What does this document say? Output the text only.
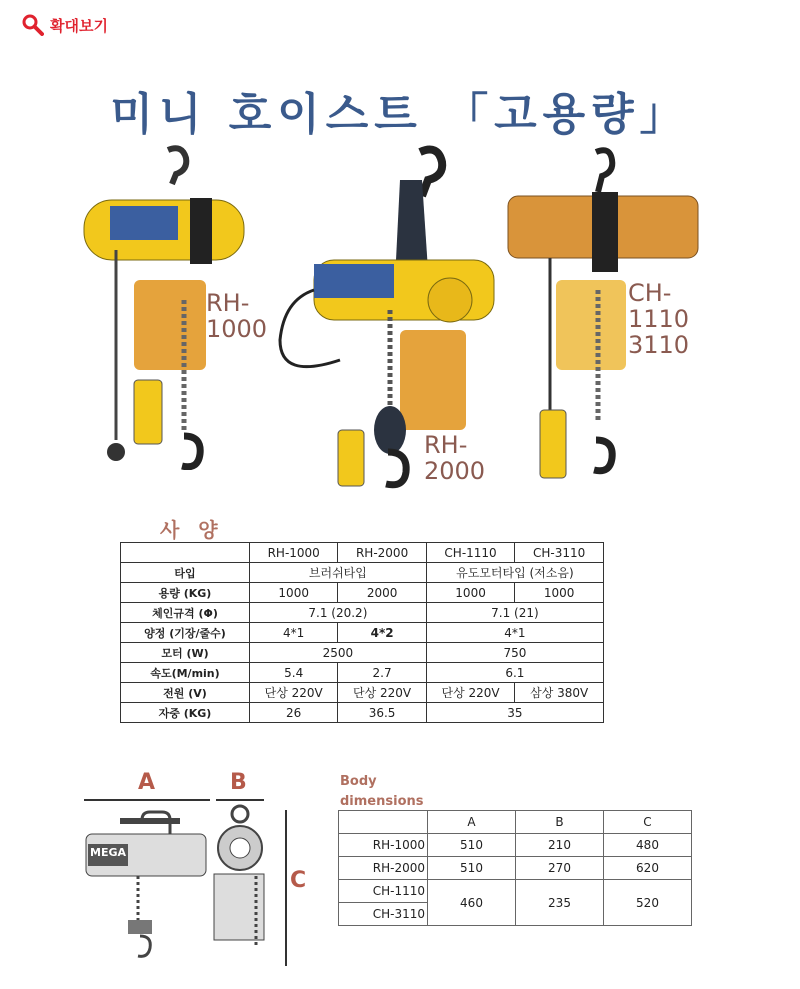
확대보기
미니 호이스트 「고용량」
RH-
1000
RH-
2000
CH-
1110
3110
사 양
	RH-1000	RH-2000	CH-1110	CH-3110
타입	브러쉬타입		유도모터타입 (저소음)	
용량 (KG)	1000	2000	1000	1000
체인규격 (Φ)	7.1 (20.2)		7.1 (21)	
양정 (기장/줄수)	4*1	4*2	4*1	
모터 (W)	2500		750	
속도(M/min)	5.4	2.7	6.1	
전원 (V)	단상 220V	단상 220V	단상 220V	삼상 380V
자중 (KG)	26	36.5	35	
A	B
C
MEGA
Body
dimensions
	A	B	C
RH-1000	510	210	480
RH-2000	510	270	620
CH-1110	460	235	520
CH-3110			
